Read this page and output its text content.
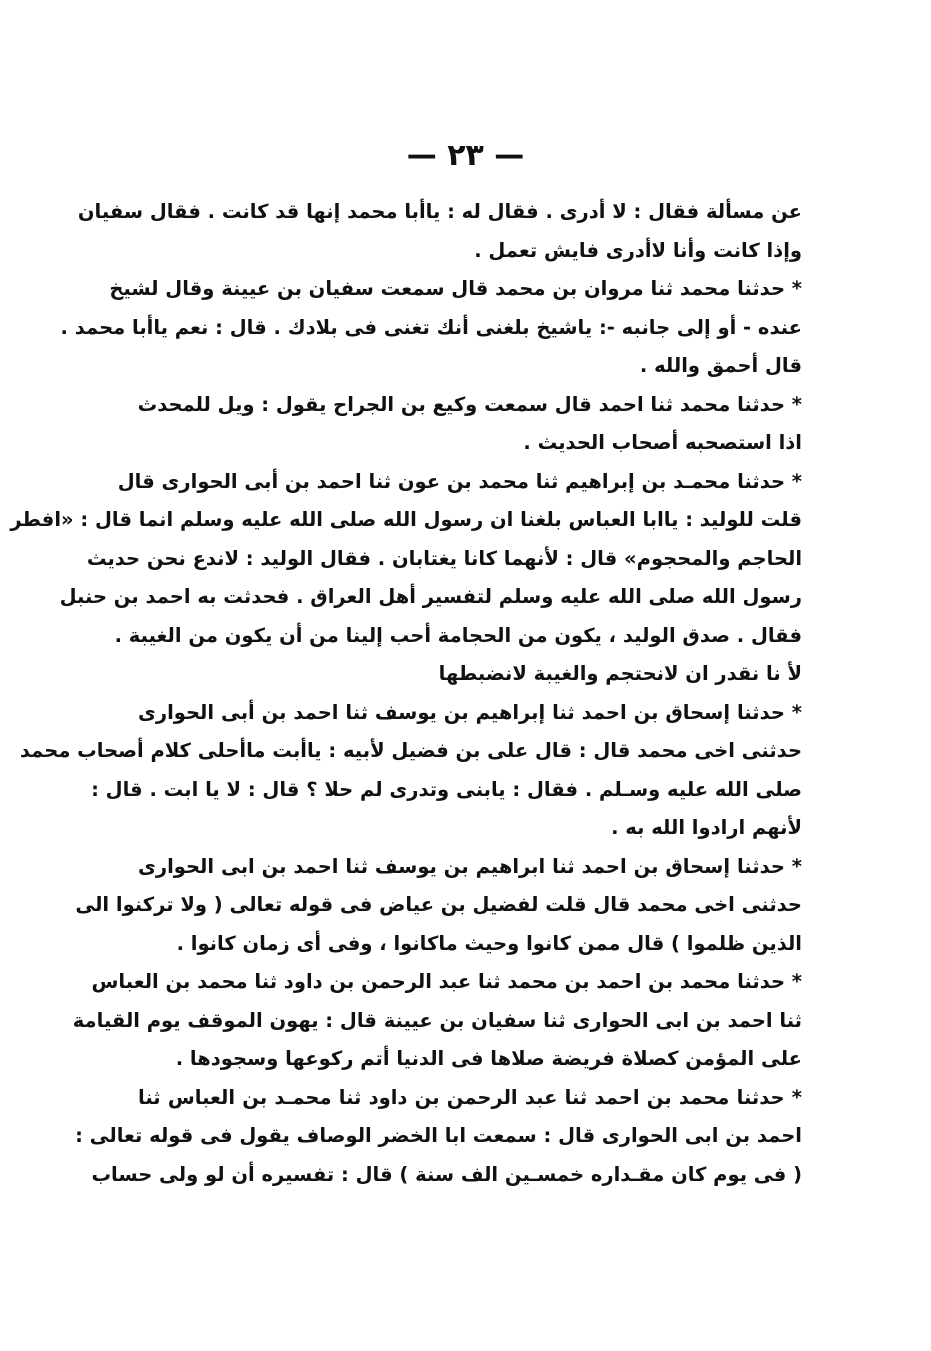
— ٢٣ —
عن مسألة فقال : لا أدرى . فقال له : ياأبا محمد إنها قد كانت . فقال سفيان
وإذا كانت وأنا لاأدرى فايش تعمل .
* حدثنا محمد ثنا مروان بن محمد قال سمعت سفيان بن عيينة وقال لشيخ
عنده - أو إلى جانبه -: ياشيخ بلغنى أنك تغنى فى بلادك . قال : نعم ياأبا محمد .
قال أحمق والله .
* حدثنا محمد ثنا احمد قال سمعت وكيع بن الجراح يقول : ويل للمحدث
اذا استصحبه أصحاب الحديث .
* حدثنا محمـد بن إبراهيم ثنا محمد بن عون ثنا احمد بن أبى الحوارى قال
قلت للوليد : ياابا العباس بلغنا ان رسول الله صلى الله عليه وسلم انما قال : «افطر
الحاجم والمحجوم» قال : لأنهما كانا يغتابان . فقال الوليد : لاندع نحن حديث
رسول الله صلى الله عليه وسلم لتفسير أهل العراق . فحدثت به احمد بن حنبل
فقال . صدق الوليد ، يكون من الحجامة أحب إلينا من أن يكون من الغيبة .
لأ نا نقدر ان لانحتجم والغيبة لانضبطها
* حدثنا إسحاق بن احمد ثنا إبراهيم بن يوسف ثنا احمد بن أبى الحوارى
حدثنى اخى محمد قال : قال على بن فضيل لأبيه : ياأبت ماأحلى كلام أصحاب محمد
صلى الله عليه وسـلم . فقال : يابنى وتدرى لم حلا ؟ قال : لا يا ابت . قال :
لأنهم ارادوا الله به .
* حدثنا إسحاق بن احمد ثنا ابراهيم بن يوسف ثنا احمد بن ابى الحوارى
حدثنى اخى محمد قال قلت لفضيل بن عياض فى قوله تعالى ( ولا تركنوا الى
الذين ظلموا ) قال ممن كانوا وحيث ماكانوا ، وفى أى زمان كانوا .
* حدثنا محمد بن احمد بن محمد ثنا عبد الرحمن بن داود ثنا محمد بن العباس
ثنا احمد بن ابى الحوارى ثنا سفيان بن عيينة قال : يهون الموقف يوم القيامة
على المؤمن كصلاة فريضة صلاها فى الدنيا أتم ركوعها وسجودها .
* حدثنا محمد بن احمد ثنا عبد الرحمن بن داود ثنا محمـد بن العباس ثنا
احمد بن ابى الحوارى قال : سمعت ابا الخضر الوصاف يقول فى قوله تعالى :
( فى يوم كان مقـداره خمسـين الف سنة ) قال : تفسيره أن لو ولى حساب
